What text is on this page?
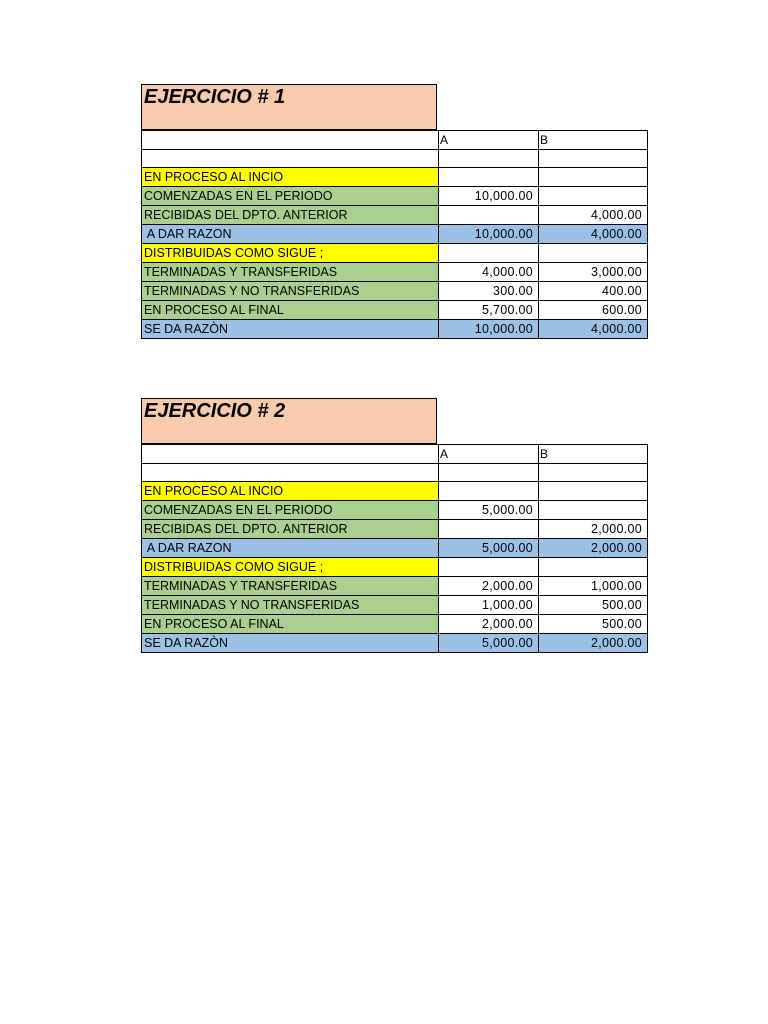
EJERCICIO # 1
	A	B

EN PROCESO AL INCIO		
COMENZADAS EN EL PERIODO	10,000.00	
RECIBIDAS DEL DPTO. ANTERIOR		4,000.00
A DAR RAZON	10,000.00	4,000.00
DISTRIBUIDAS COMO SIGUE ;		
TERMINADAS Y TRANSFERIDAS	4,000.00	3,000.00
TERMINADAS Y NO TRANSFERIDAS	300.00	400.00
EN PROCESO AL FINAL	5,700.00	600.00
SE DA RAZÒN	10,000.00	4,000.00
EJERCICIO # 2
	A	B

EN PROCESO AL INCIO		
COMENZADAS EN EL PERIODO	5,000.00	
RECIBIDAS DEL DPTO. ANTERIOR		2,000.00
A DAR RAZON	5,000.00	2,000.00
DISTRIBUIDAS COMO SIGUE ;		
TERMINADAS Y TRANSFERIDAS	2,000.00	1,000.00
TERMINADAS Y NO TRANSFERIDAS	1,000.00	500.00
EN PROCESO AL FINAL	2,000.00	500.00
SE DA RAZÒN	5,000.00	2,000.00
